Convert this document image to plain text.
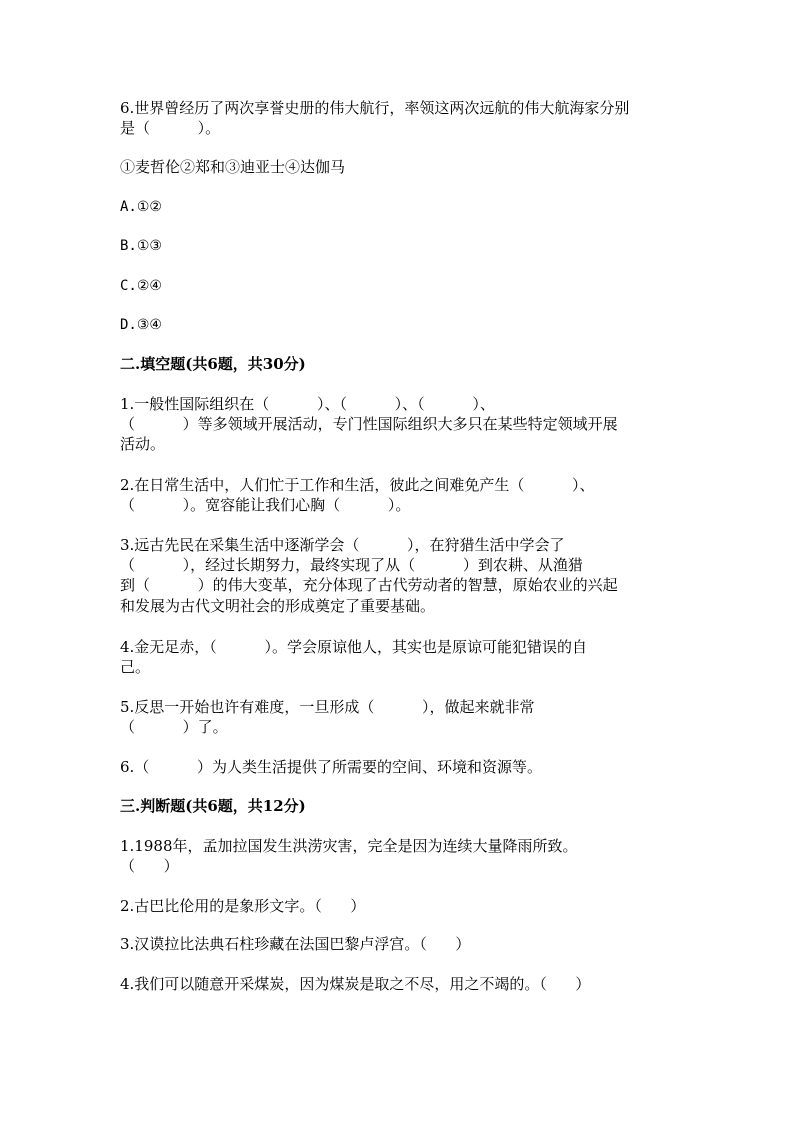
6.世界曾经历了两次享誉史册的伟大航行，率领这两次远航的伟大航海家分别
是（          ）。
①麦哲伦②郑和③迪亚士④达伽马
A.①②
B.①③
C.②④
D.③④
二.填空题(共6题，共30分)
1.一般性国际组织在（          ）、（          ）、（          ）、
（          ）等多领域开展活动，专门性国际组织大多只在某些特定领域开展
活动。
2.在日常生活中，人们忙于工作和生活，彼此之间难免产生（          ）、
（          ）。宽容能让我们心胸（          ）。
3.远古先民在采集生活中逐渐学会（          ），在狩猎生活中学会了
（          ），经过长期努力，最终实现了从（          ）到农耕、从渔猎
到（          ）的伟大变革，充分体现了古代劳动者的智慧，原始农业的兴起
和发展为古代文明社会的形成奠定了重要基础。
4.金无足赤，（          ）。学会原谅他人，其实也是原谅可能犯错误的自
己。
5.反思一开始也许有难度，一旦形成（          ），做起来就非常
（          ）了。
6.（          ）为人类生活提供了所需要的空间、环境和资源等。
三.判断题(共6题，共12分)
1.1988年，孟加拉国发生洪涝灾害，完全是因为连续大量降雨所致。
（      ）
2.古巴比伦用的是象形文字。（      ）
3.汉谟拉比法典石柱珍藏在法国巴黎卢浮宫。（      ）
4.我们可以随意开采煤炭，因为煤炭是取之不尽，用之不竭的。（      ）
